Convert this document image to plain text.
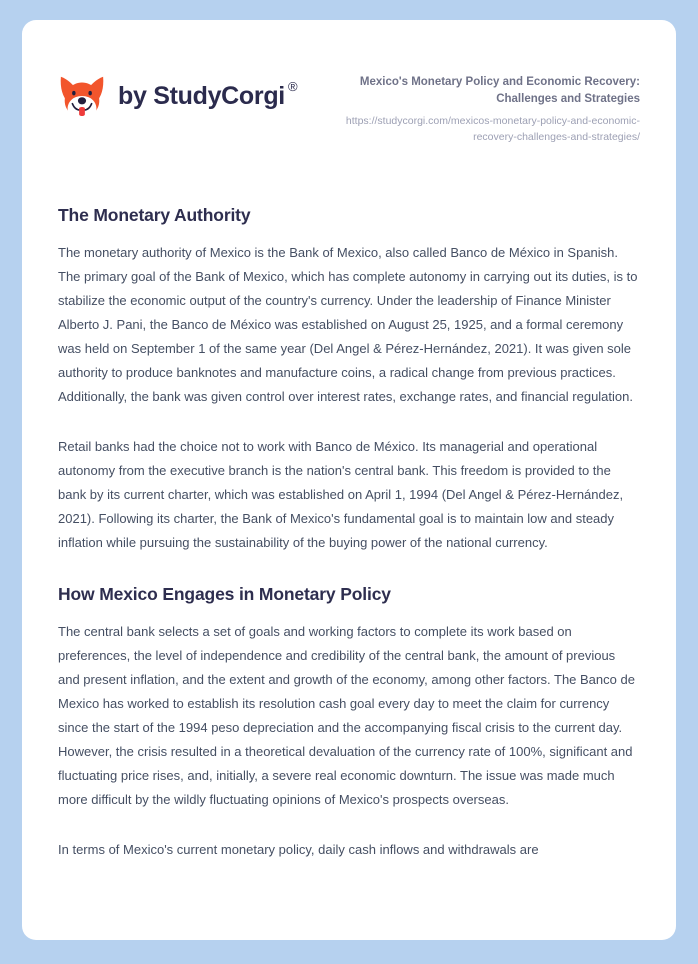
by StudyCorgi ®	Mexico's Monetary Policy and Economic Recovery: Challenges and Strategies

https://studycorgi.com/mexicos-monetary-policy-and-economic-recovery-challenges-and-strategies/

The Monetary Authority

The monetary authority of Mexico is the Bank of Mexico, also called Banco de México in Spanish. The primary goal of the Bank of Mexico, which has complete autonomy in carrying out its duties, is to stabilize the economic output of the country's currency. Under the leadership of Finance Minister Alberto J. Pani, the Banco de México was established on August 25, 1925, and a formal ceremony was held on September 1 of the same year (Del Angel & Pérez-Hernández, 2021). It was given sole authority to produce banknotes and manufacture coins, a radical change from previous practices. Additionally, the bank was given control over interest rates, exchange rates, and financial regulation.

Retail banks had the choice not to work with Banco de México. Its managerial and operational autonomy from the executive branch is the nation's central bank. This freedom is provided to the bank by its current charter, which was established on April 1, 1994 (Del Angel & Pérez-Hernández, 2021). Following its charter, the Bank of Mexico's fundamental goal is to maintain low and steady inflation while pursuing the sustainability of the buying power of the national currency.

How Mexico Engages in Monetary Policy

The central bank selects a set of goals and working factors to complete its work based on preferences, the level of independence and credibility of the central bank, the amount of previous and present inflation, and the extent and growth of the economy, among other factors. The Banco de Mexico has worked to establish its resolution cash goal every day to meet the claim for currency since the start of the 1994 peso depreciation and the accompanying fiscal crisis to the current day. However, the crisis resulted in a theoretical devaluation of the currency rate of 100%, significant and fluctuating price rises, and, initially, a severe real economic downturn. The issue was made much more difficult by the wildly fluctuating opinions of Mexico's prospects overseas.

In terms of Mexico's current monetary policy, daily cash inflows and withdrawals are
